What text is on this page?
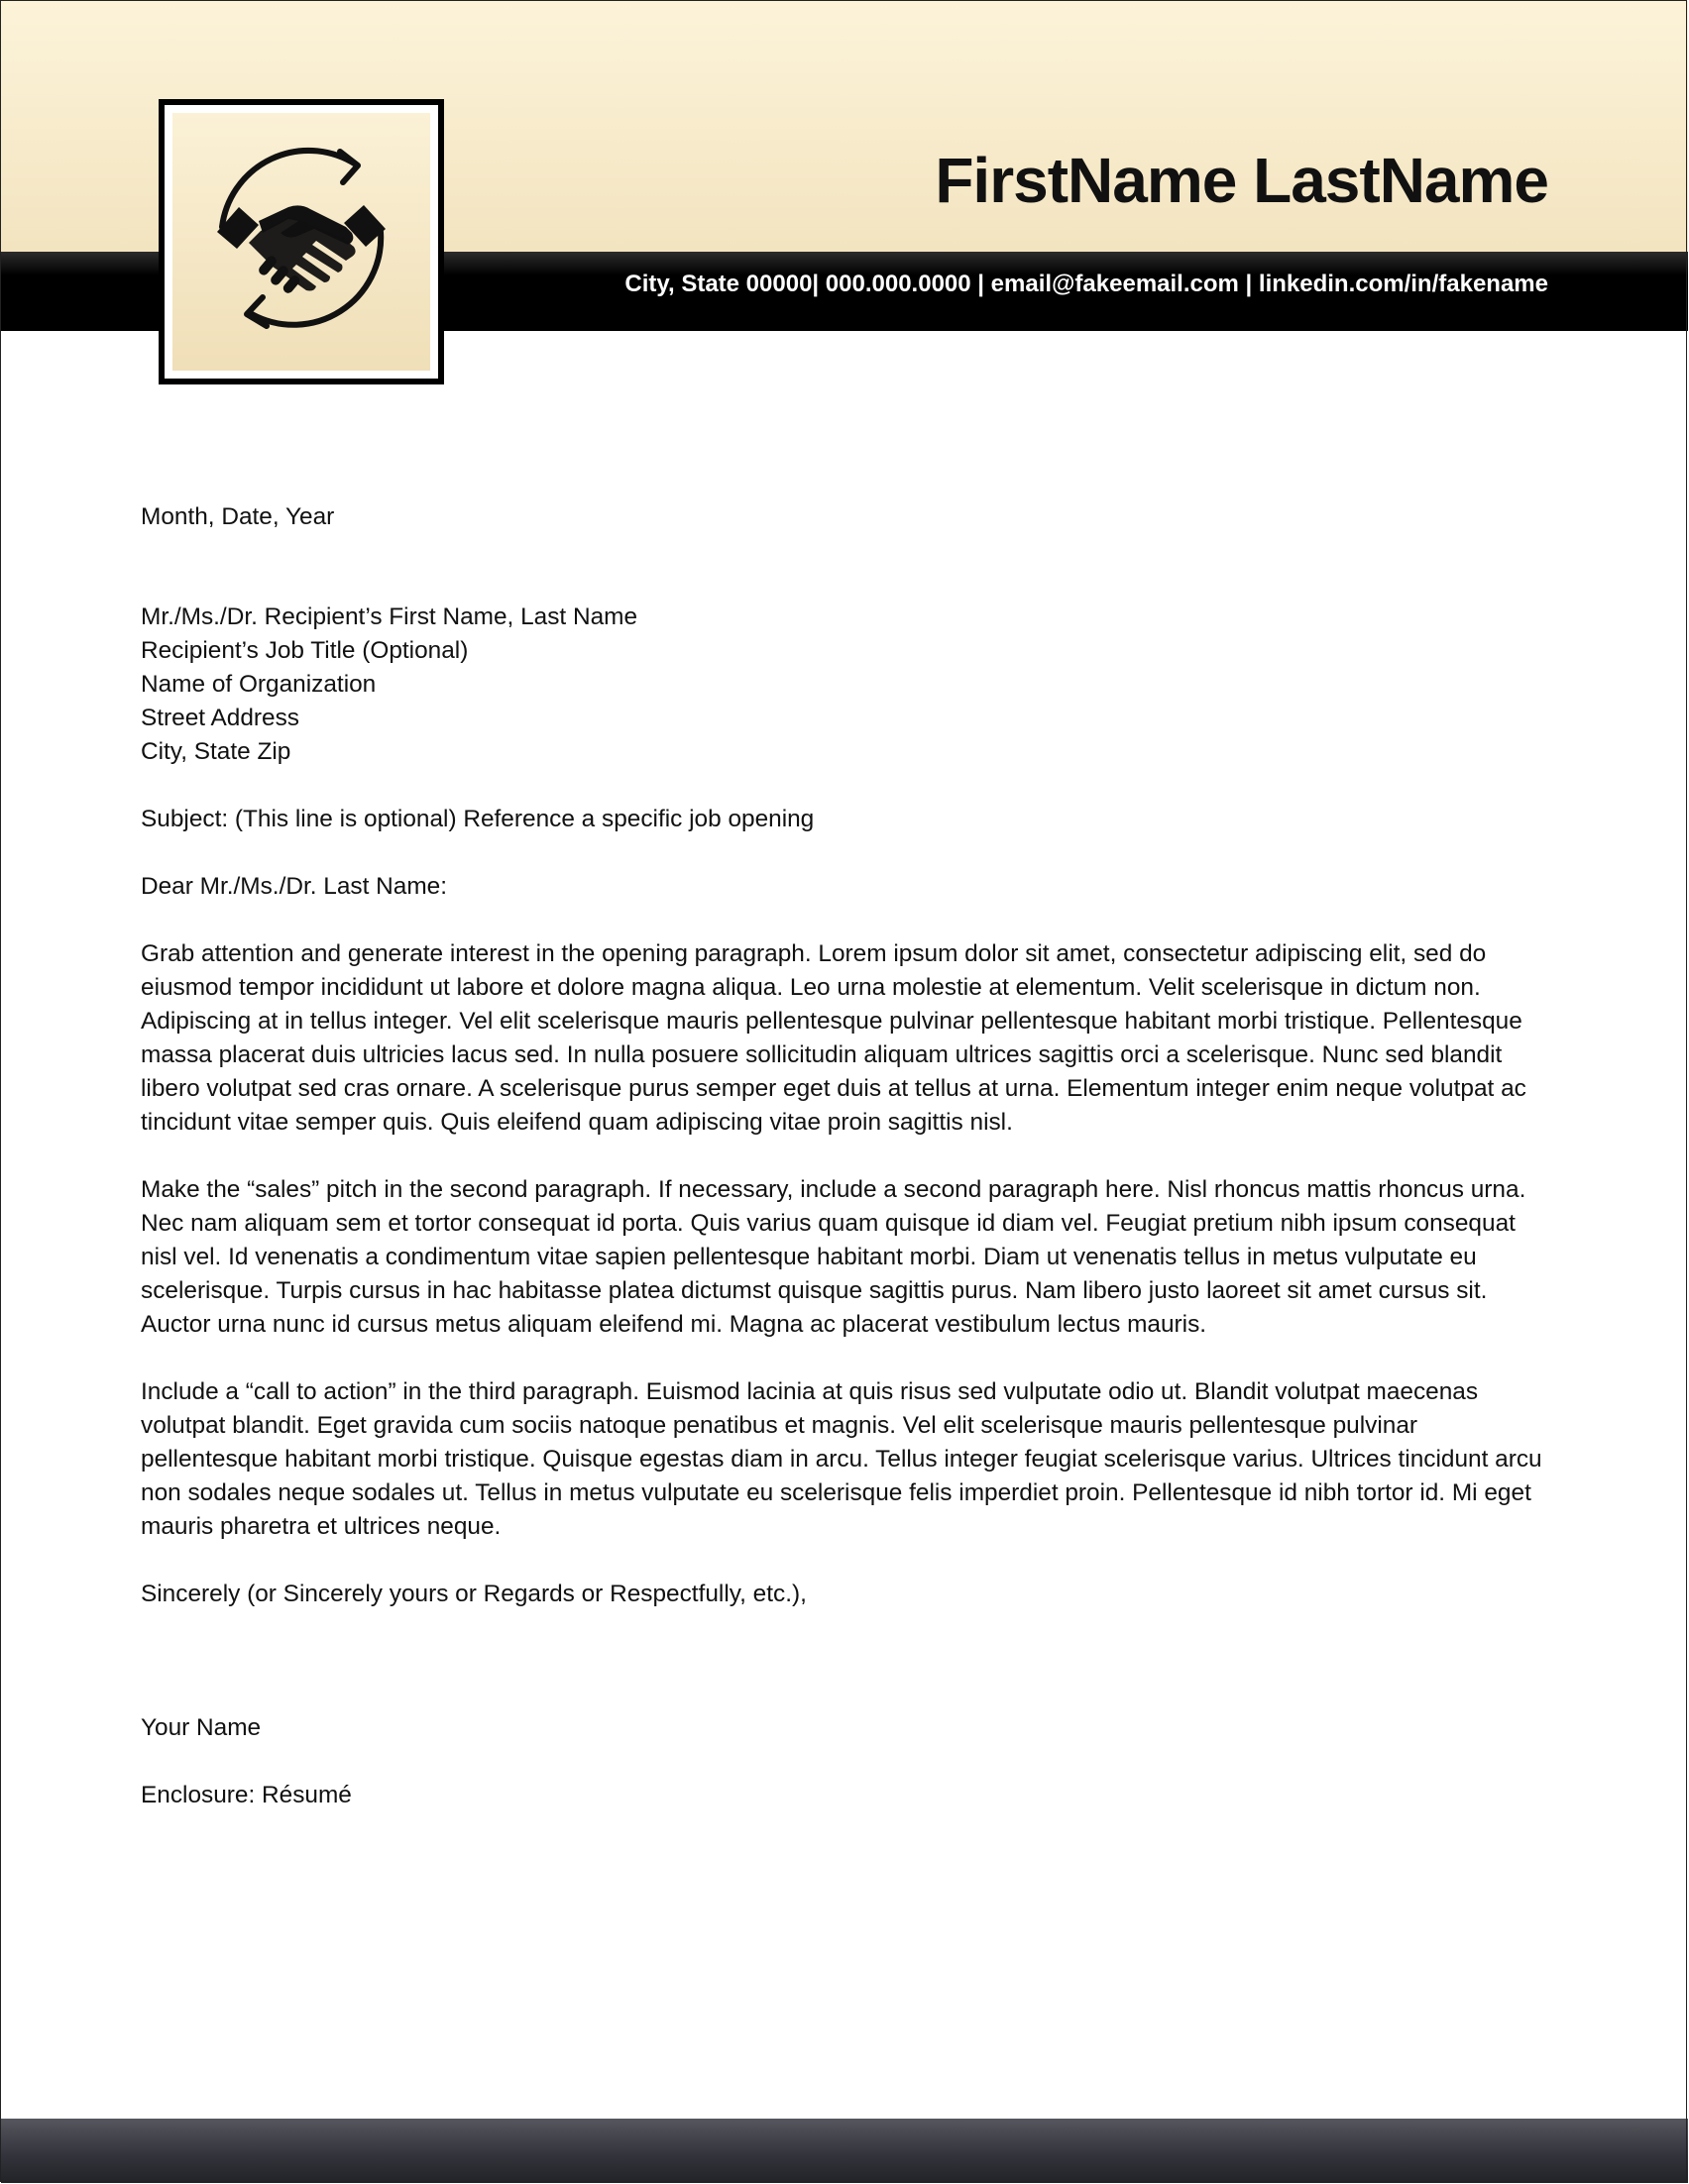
FirstName LastName
City, State 00000| 000.000.0000 | email@fakeemail.com | linkedin.com/in/fakename

Month, Date, Year

Mr./Ms./Dr. Recipient’s First Name, Last Name

Recipient’s Job Title (Optional)

Name of Organization

Street Address

City, State Zip

Subject: (This line is optional) Reference a specific job opening

Dear Mr./Ms./Dr. Last Name:

Grab attention and generate interest in the opening paragraph. Lorem ipsum dolor sit amet, consectetur adipiscing elit, sed do eiusmod tempor incididunt ut labore et dolore magna aliqua. Leo urna molestie at elementum. Velit scelerisque in dictum non. Adipiscing at in tellus integer. Vel elit scelerisque mauris pellentesque pulvinar pellentesque habitant morbi tristique. Pellentesque massa placerat duis ultricies lacus sed. In nulla posuere sollicitudin aliquam ultrices sagittis orci a scelerisque. Nunc sed blandit libero volutpat sed cras ornare. A scelerisque purus semper eget duis at tellus at urna. Elementum integer enim neque volutpat ac tincidunt vitae semper quis. Quis eleifend quam adipiscing vitae proin sagittis nisl.

Make the “sales” pitch in the second paragraph. If necessary, include a second paragraph here. Nisl rhoncus mattis rhoncus urna. Nec nam aliquam sem et tortor consequat id porta. Quis varius quam quisque id diam vel. Feugiat pretium nibh ipsum consequat nisl vel. Id venenatis a condimentum vitae sapien pellentesque habitant morbi. Diam ut venenatis tellus in metus vulputate eu scelerisque. Turpis cursus in hac habitasse platea dictumst quisque sagittis purus. Nam libero justo laoreet sit amet cursus sit. Auctor urna nunc id cursus metus aliquam eleifend mi. Magna ac placerat vestibulum lectus mauris.

Include a “call to action” in the third paragraph. Euismod lacinia at quis risus sed vulputate odio ut. Blandit volutpat maecenas volutpat blandit. Eget gravida cum sociis natoque penatibus et magnis. Vel elit scelerisque mauris pellentesque pulvinar pellentesque habitant morbi tristique. Quisque egestas diam in arcu. Tellus integer feugiat scelerisque varius. Ultrices tincidunt arcu non sodales neque sodales ut. Tellus in metus vulputate eu scelerisque felis imperdiet proin. Pellentesque id nibh tortor id. Mi eget mauris pharetra et ultrices neque.

Sincerely (or Sincerely yours or Regards or Respectfully, etc.),

Your Name

Enclosure: Résumé
